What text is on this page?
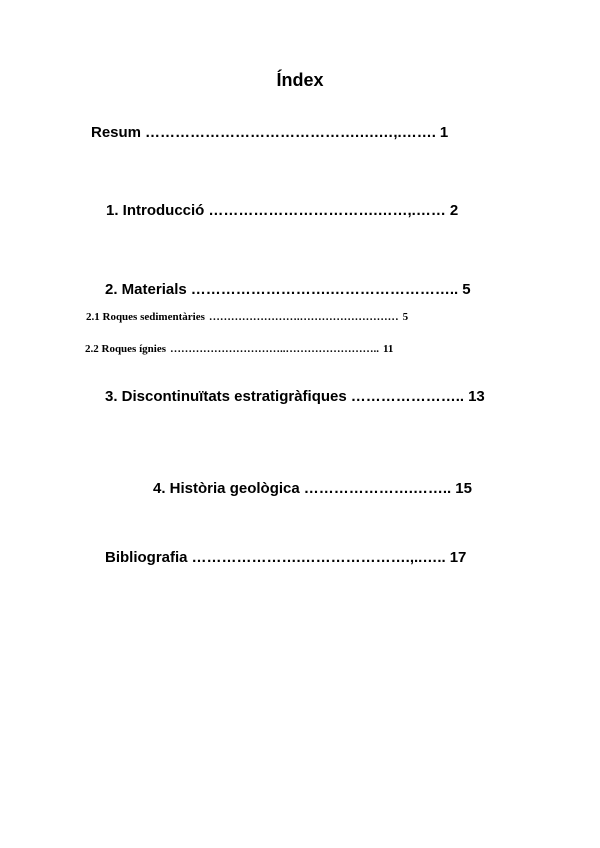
Índex
Resum …………………………………….….…,.……. 1
1. Introducció …………………………….……,.…… 2
2. Materials ……………………….…………………….. 5
2.1 Roques sedimentàries …………………….……………………… 5
2.2 Roques ígnies …………………………..…………………….. 11
3. Discontinuïtats estratigràfiques ………………….. 13
4. Història geològica ………………….…….. 15
Bibliografia ………………….………………….,..….. 17
